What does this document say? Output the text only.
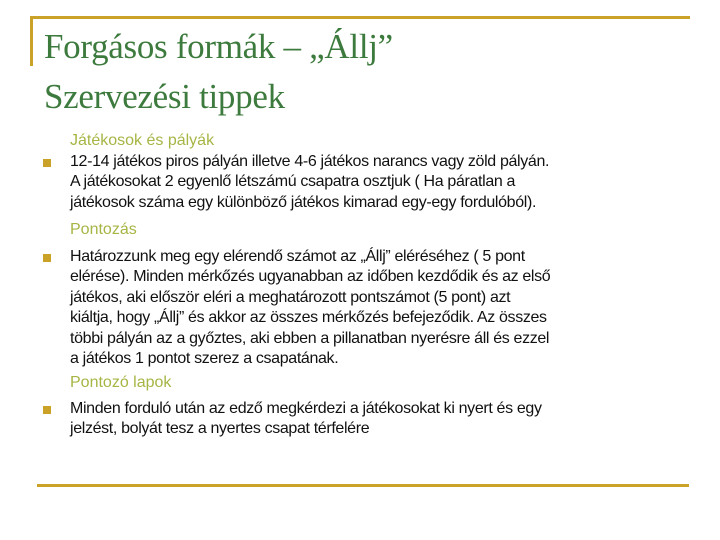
Forgásos formák – „Állj”
Szervezési tippek
Játékosok és pályák
12-14 játékos piros pályán illetve 4-6 játékos narancs vagy zöld pályán.
A játékosokat 2 egyenlő létszámú csapatra osztjuk ( Ha páratlan a
játékosok száma egy különböző játékos kimarad egy-egy fordulóból).
Pontozás
Határozzunk meg egy elérendő számot az „Állj” eléréséhez ( 5 pont
elérése). Minden mérkőzés ugyanabban az időben kezdődik és az első
játékos, aki először eléri a meghatározott pontszámot (5 pont) azt
kiáltja, hogy „Állj” és akkor az összes mérkőzés befejeződik. Az összes
többi pályán az a győztes, aki ebben a pillanatban nyerésre áll és ezzel
a játékos 1 pontot szerez a csapatának.
Pontozó lapok
Minden forduló után az edző megkérdezi a játékosokat ki nyert és egy
jelzést, bolyát tesz a nyertes csapat térfelére
